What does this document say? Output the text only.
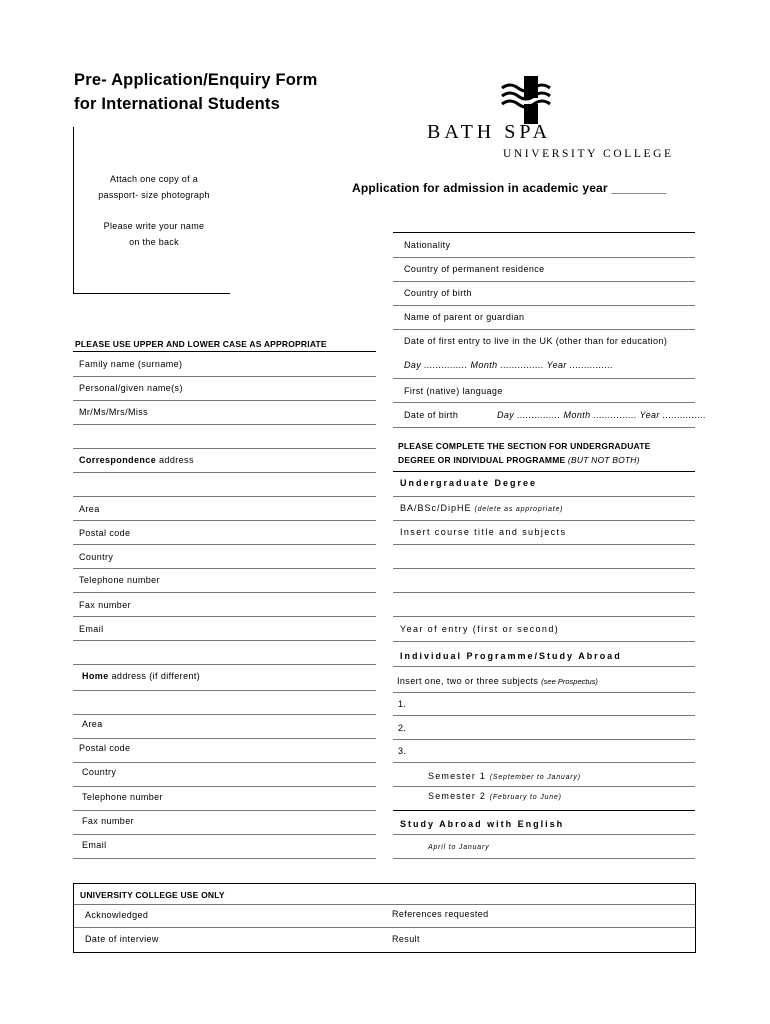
Pre- Application/Enquiry Form
for International Students
BATH SPA
UNIVERSITY COLLEGE
Attach one copy of a
passport- size photograph
Please write your name
on the back
Application for admission in academic year ________
PLEASE USE UPPER AND LOWER CASE AS APPROPRIATE
Family name (surname)
Personal/given name(s)
Mr/Ms/Mrs/Miss
Correspondence address
Area
Postal code
Country
Telephone number
Fax number
Email
Home address (if different)
Area
Postal code
Country
Telephone number
Fax number
Email
Nationality
Country of permanent residence
Country of birth
Name of parent or guardian
Date of first entry to live in the UK (other than for education)
Day ............... Month ............... Year ...............
First (native) language
Date of birth	Day ............... Month ............... Year ...............
PLEASE COMPLETE THE SECTION FOR UNDERGRADUATE
DEGREE OR INDIVIDUAL PROGRAMME (BUT NOT BOTH)
Undergraduate Degree
BA/BSc/DipHE (delete as appropriate)
Insert course title and subjects
Year of entry (first or second)
Individual Programme/Study Abroad
Insert one, two or three subjects (see Prospectus)
1.
2.
3.
Semester 1 (September to January)
Semester 2 (February to June)
Study Abroad with English
April to January
UNIVERSITY COLLEGE USE ONLY
Acknowledged	References requested
Date of interview	Result
